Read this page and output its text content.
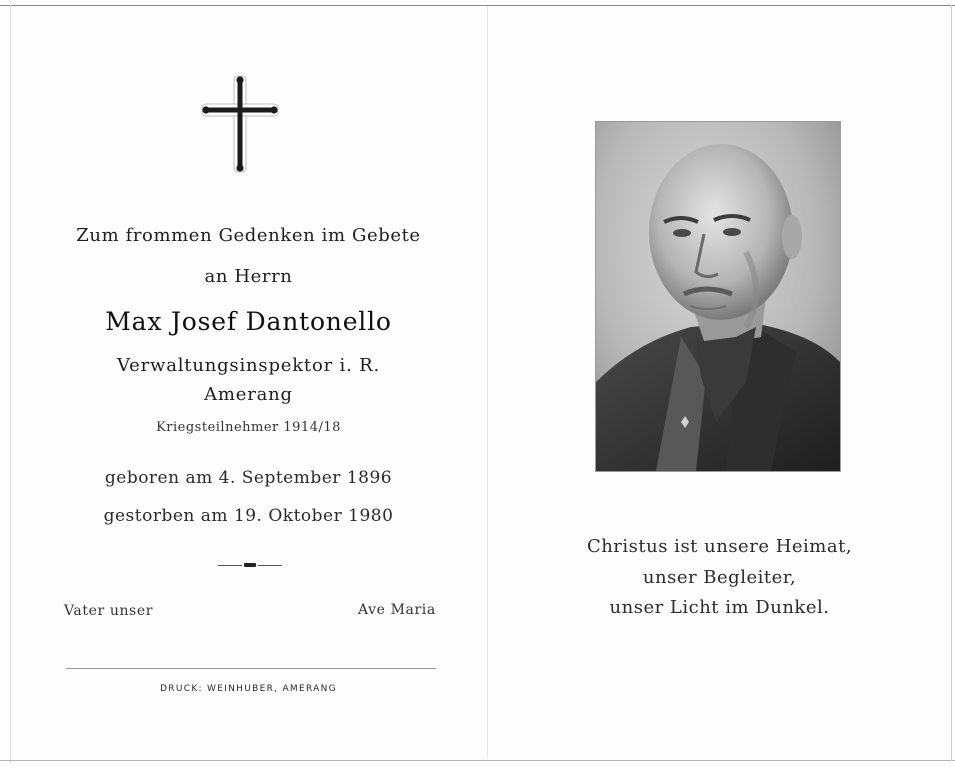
Zum frommen Gedenken im Gebete
an Herrn
Max Josef Dantonello
Verwaltungsinspektor i. R.
Amerang
Kriegsteilnehmer 1914/18
geboren am 4. September 1896
gestorben am 19. Oktober 1980
Vater unser	Ave Maria
DRUCK: WEINHUBER, AMERANG
Christus ist unsere Heimat,
unser Begleiter,
unser Licht im Dunkel.
